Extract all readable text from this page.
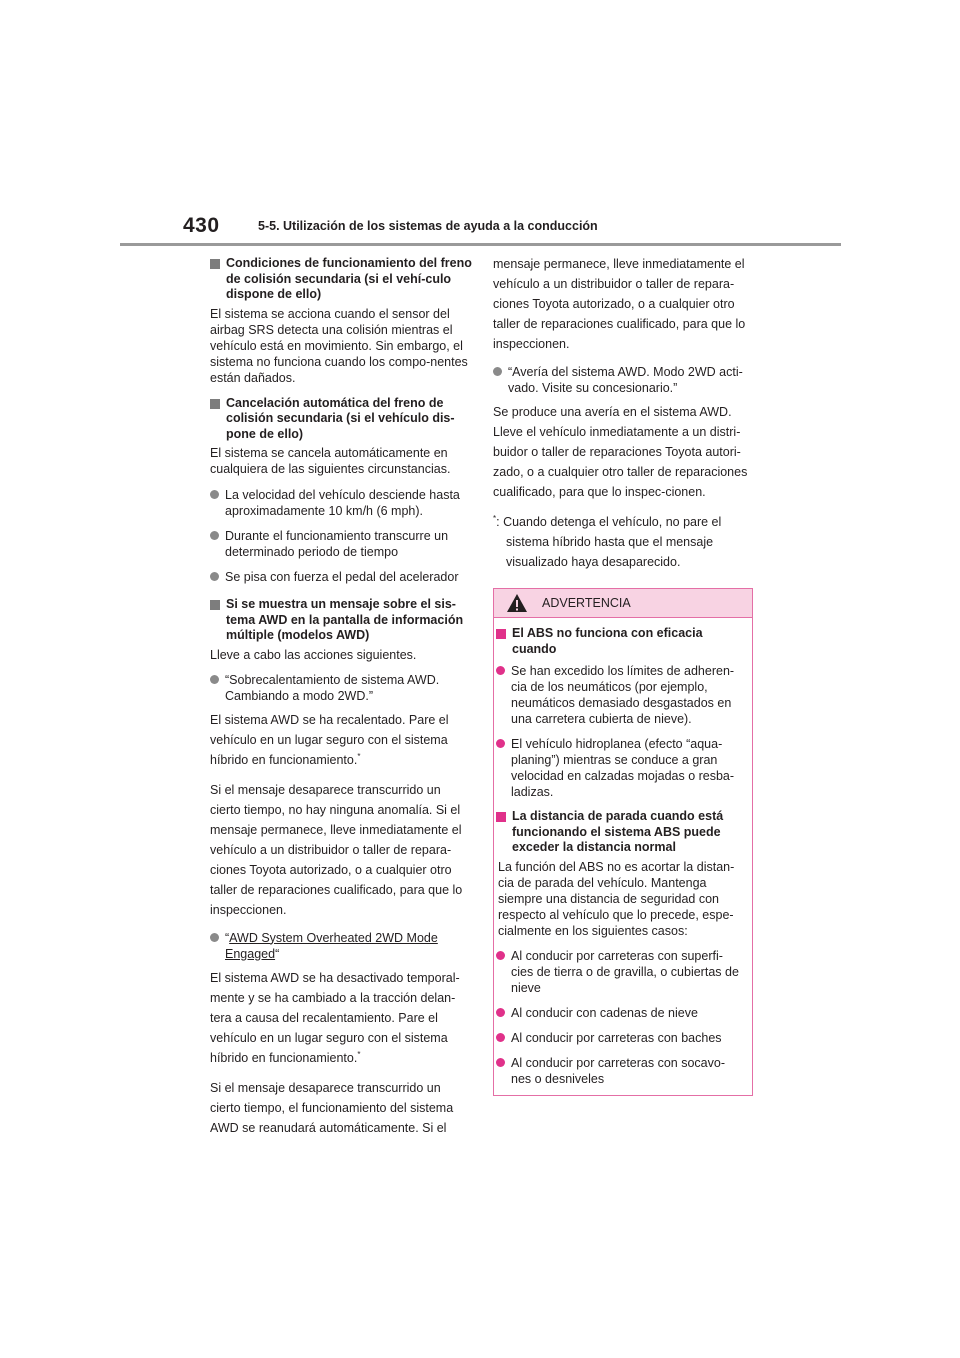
430	5-5. Utilización de los sistemas de ayuda a la conducción
Condiciones de funcionamiento del freno de colisión secundaria (si el vehí-culo dispone de ello)
El sistema se acciona cuando el sensor del airbag SRS detecta una colisión mientras el vehículo está en movimiento. Sin embargo, el sistema no funciona cuando los compo-nentes están dañados.
Cancelación automática del freno de colisión secundaria (si el vehículo dis-pone de ello)
El sistema se cancela automáticamente en cualquiera de las siguientes circunstancias.
La velocidad del vehículo desciende hasta aproximadamente 10 km/h (6 mph).
Durante el funcionamiento transcurre un determinado periodo de tiempo
Se pisa con fuerza el pedal del acelerador
Si se muestra un mensaje sobre el sis-tema AWD en la pantalla de información múltiple (modelos AWD)
Lleve a cabo las acciones siguientes.
“Sobrecalentamiento de sistema AWD. Cambiando a modo 2WD.”
El sistema AWD se ha recalentado. Pare el vehículo en un lugar seguro con el sistema híbrido en funcionamiento.*
Si el mensaje desaparece transcurrido un cierto tiempo, no hay ninguna anomalía. Si el mensaje permanece, lleve inmediatamente el vehículo a un distribuidor o taller de repara-ciones Toyota autorizado, o a cualquier otro taller de reparaciones cualificado, para que lo inspeccionen.
“AWD System Overheated 2WD Mode Engaged“
El sistema AWD se ha desactivado temporal-mente y se ha cambiado a la tracción delan-tera a causa del recalentamiento. Pare el vehículo en un lugar seguro con el sistema híbrido en funcionamiento.*
Si el mensaje desaparece transcurrido un cierto tiempo, el funcionamiento del sistema AWD se reanudará automáticamente. Si el
mensaje permanece, lleve inmediatamente el vehículo a un distribuidor o taller de repara-ciones Toyota autorizado, o a cualquier otro taller de reparaciones cualificado, para que lo inspeccionen.
“Avería del sistema AWD. Modo 2WD acti-vado. Visite su concesionario.”
Se produce una avería en el sistema AWD. Lleve el vehículo inmediatamente a un distri-buidor o taller de reparaciones Toyota autori-zado, o a cualquier otro taller de reparaciones cualificado, para que lo inspec-cionen.
*: Cuando detenga el vehículo, no pare el
sistema híbrido hasta que el mensaje visualizado haya desaparecido.
ADVERTENCIA
El ABS no funciona con eficacia cuando
Se han excedido los límites de adheren-cia de los neumáticos (por ejemplo, neumáticos demasiado desgastados en una carretera cubierta de nieve).
El vehículo hidroplanea (efecto “aqua-planing”) mientras se conduce a gran velocidad en calzadas mojadas o resba-ladizas.
La distancia de parada cuando está funcionando el sistema ABS puede exceder la distancia normal
La función del ABS no es acortar la distan-cia de parada del vehículo. Mantenga siempre una distancia de seguridad con respecto al vehículo que lo precede, espe-cialmente en los siguientes casos:
Al conducir por carreteras con superfi-cies de tierra o de gravilla, o cubiertas de nieve
Al conducir con cadenas de nieve
Al conducir por carreteras con baches
Al conducir por carreteras con socavo-nes o desniveles
